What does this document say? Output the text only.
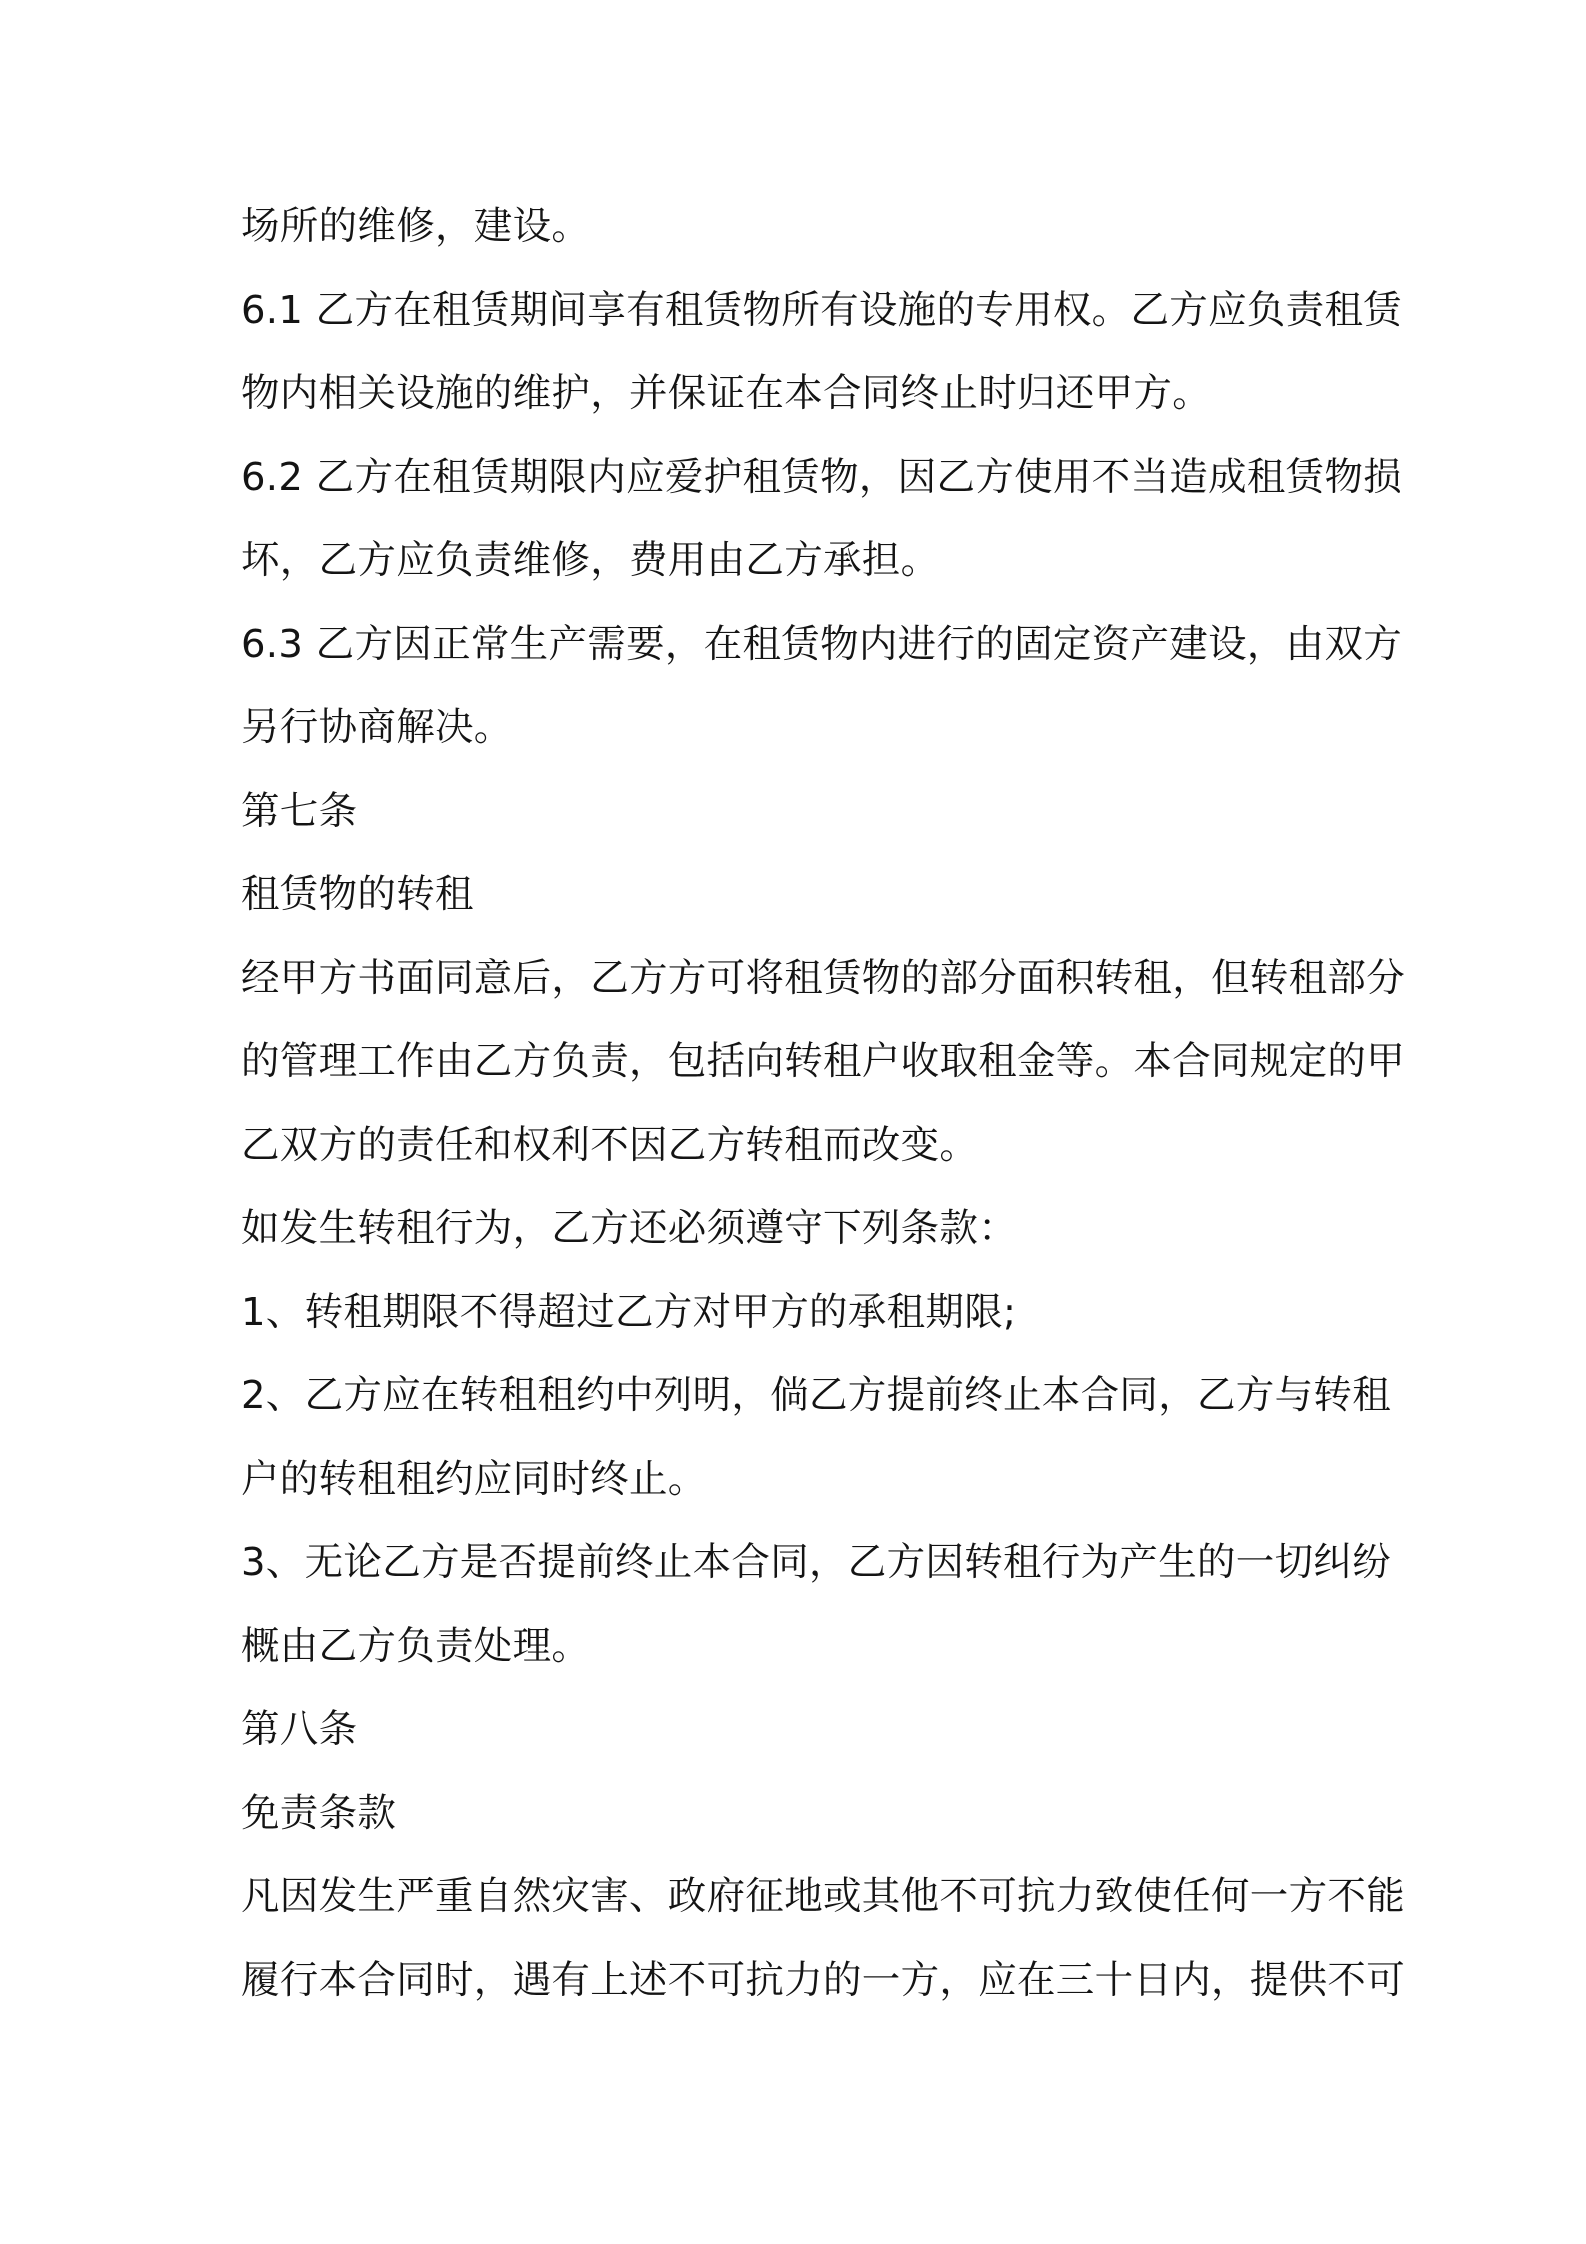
场所的维修，建设。
6.1 乙方在租赁期间享有租赁物所有设施的专用权。乙方应负责租赁
物内相关设施的维护，并保证在本合同终止时归还甲方。
6.2 乙方在租赁期限内应爱护租赁物，因乙方使用不当造成租赁物损
坏，乙方应负责维修，费用由乙方承担。
6.3 乙方因正常生产需要，在租赁物内进行的固定资产建设，由双方
另行协商解决。
第七条
租赁物的转租
经甲方书面同意后，乙方方可将租赁物的部分面积转租，但转租部分
的管理工作由乙方负责，包括向转租户收取租金等。本合同规定的甲
乙双方的责任和权利不因乙方转租而改变。
如发生转租行为，乙方还必须遵守下列条款：
1、转租期限不得超过乙方对甲方的承租期限;
2、乙方应在转租租约中列明，倘乙方提前终止本合同，乙方与转租
户的转租租约应同时终止。
3、无论乙方是否提前终止本合同，乙方因转租行为产生的一切纠纷
概由乙方负责处理。
第八条
免责条款
凡因发生严重自然灾害、政府征地或其他不可抗力致使任何一方不能
履行本合同时，遇有上述不可抗力的一方，应在三十日内，提供不可
